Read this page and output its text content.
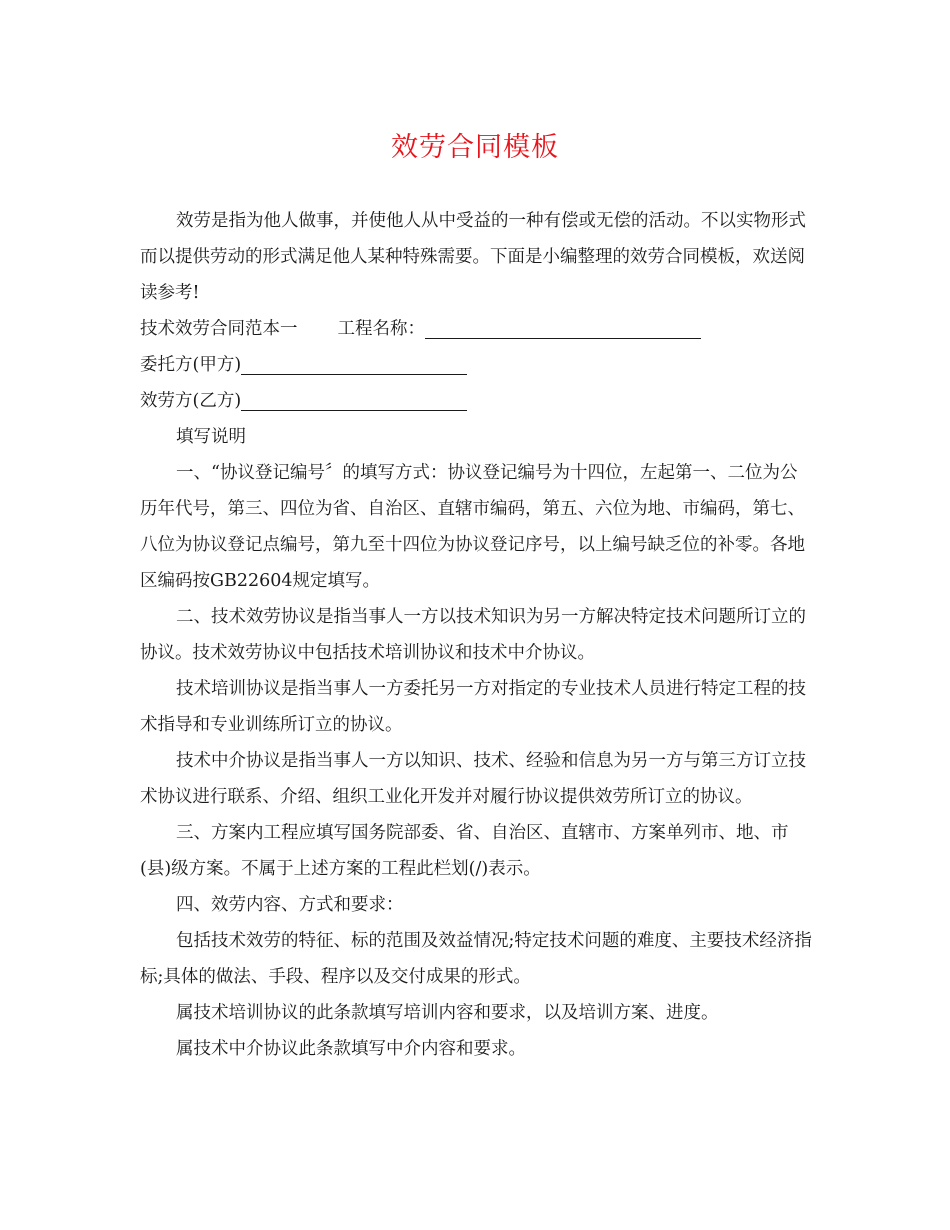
效劳合同模板

效劳是指为他人做事，并使他人从中受益的一种有偿或无偿的活动。不以实物形式而以提供劳动的形式满足他人某种特殊需要。下面是小编整理的效劳合同模板，欢送阅读参考!

技术效劳合同范本一 工程名称：

委托方(甲方)

效劳方(乙方)

填写说明

一、“协议登记编号〞的填写方式：协议登记编号为十四位，左起第一、二位为公历年代号，第三、四位为省、自治区、直辖市编码，第五、六位为地、市编码，第七、八位为协议登记点编号，第九至十四位为协议登记序号，以上编号缺乏位的补零。各地区编码按GB22604规定填写。

二、技术效劳协议是指当事人一方以技术知识为另一方解决特定技术问题所订立的协议。技术效劳协议中包括技术培训协议和技术中介协议。

技术培训协议是指当事人一方委托另一方对指定的专业技术人员进行特定工程的技术指导和专业训练所订立的协议。

技术中介协议是指当事人一方以知识、技术、经验和信息为另一方与第三方订立技术协议进行联系、介绍、组织工业化开发并对履行协议提供效劳所订立的协议。

三、方案内工程应填写国务院部委、省、自治区、直辖市、方案单列市、地、市(县)级方案。不属于上述方案的工程此栏划(/)表示。

四、效劳内容、方式和要求：

包括技术效劳的特征、标的范围及效益情况;特定技术问题的难度、主要技术经济指标;具体的做法、手段、程序以及交付成果的形式。

属技术培训协议的此条款填写培训内容和要求，以及培训方案、进度。

属技术中介协议此条款填写中介内容和要求。
